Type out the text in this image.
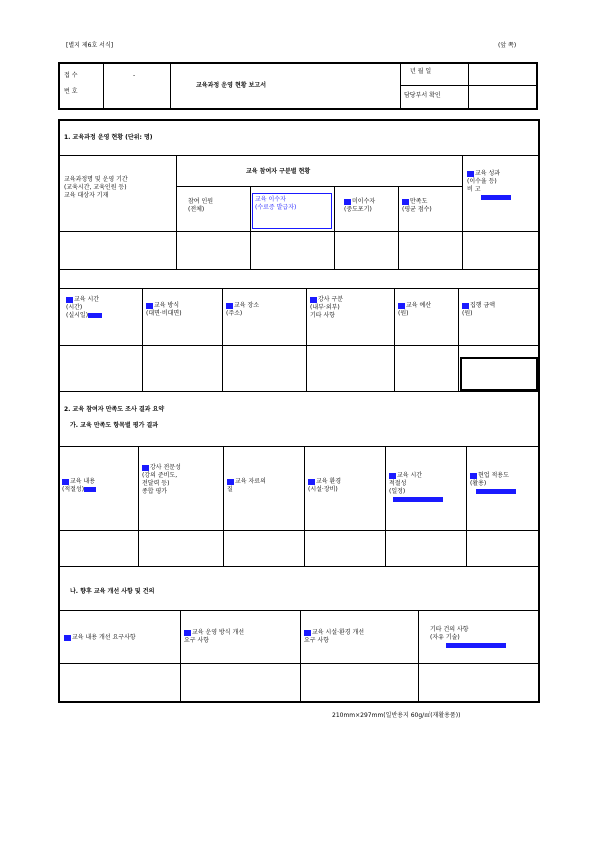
[별지 제6호 서식]	(앞 쪽)
접 수
번 호
-
교육과정 운영 현황 보고서
년 월 일
담당부서 확인
1. 교육과정 운영 현황 (단위: 명)
교육과정명 및 운영 기간
(교육시간, 교육인원 등)
교육 대상자 기재
교육 참여자 구분별 현황
참여 인원
(전체)
교육 이수자
(수료증 발급자)
미이수자
(중도포기)
만족도
(평균 점수)
교육 성과
(이수율 등)
비 고

교육 시간
(시간)
(실시일)
교육 방식
(대면·비대면)
교육 장소
(주소)
강사 구분
(내부·외부)
기타 사항
교육 예산
(원)
집행 금액
(원)
2. 교육 참여자 만족도 조사 결과 요약
가. 교육 만족도 항목별 평가 결과
교육 내용
(적절성)
강사 전문성
(강의 준비도,
전달력 등)
종합 평가
교육 자료의
질
교육 환경
(시설·장비)
교육 시간
적절성
(일정)

현업 적용도
(활용)

나. 향후 교육 개선 사항 및 건의
교육 내용 개선 요구사항
교육 운영 방식 개선
요구 사항
교육 시설·환경 개선
요구 사항
기타 건의 사항
(자유 기술)

210mm×297mm(일반용지 60g/㎡(재활용품))
